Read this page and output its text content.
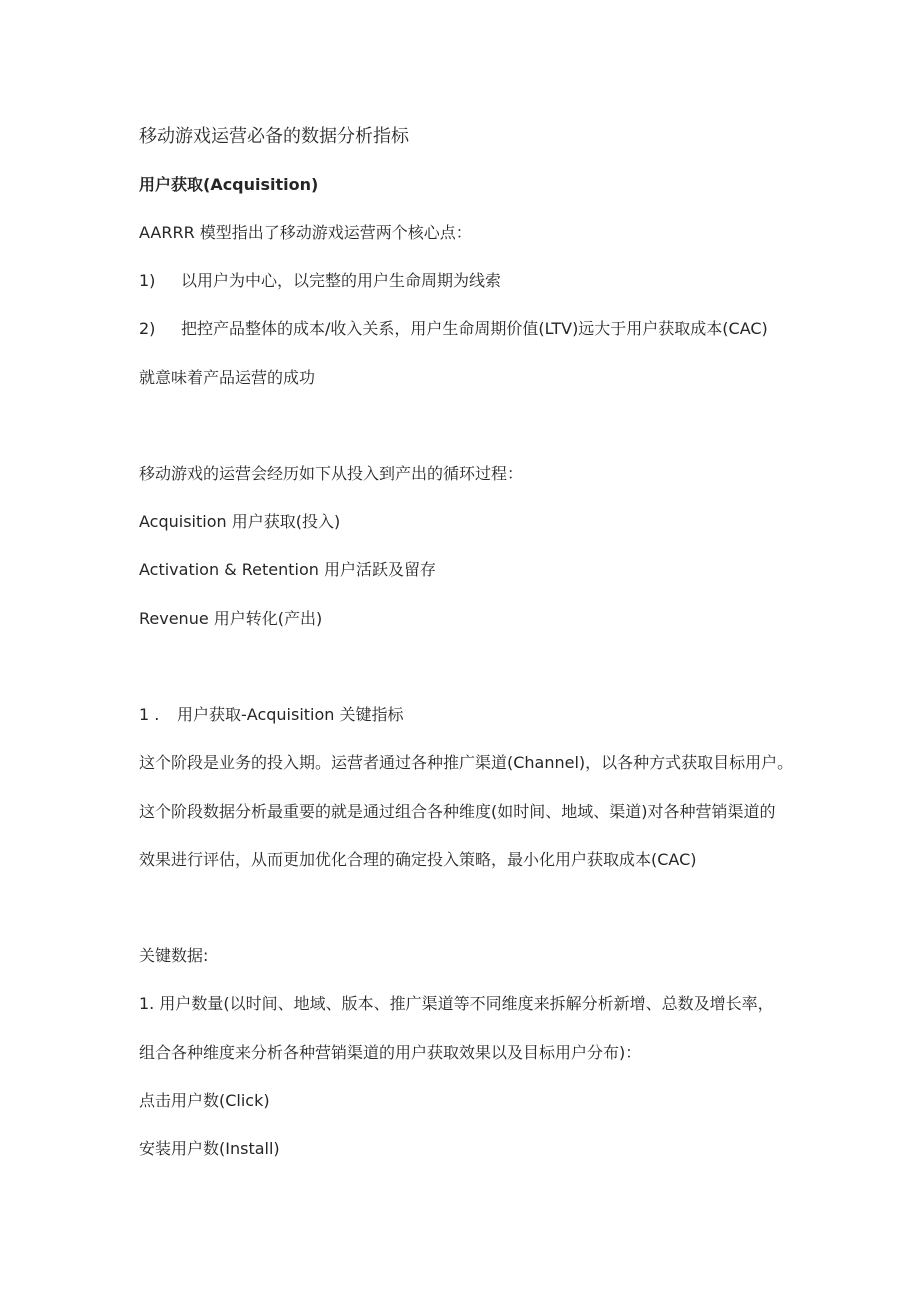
移动游戏运营必备的数据分析指标
用户获取(Acquisition)
AARRR 模型指出了移动游戏运营两个核心点：
1) 以用户为中心，以完整的用户生命周期为线索
2) 把控产品整体的成本/收入关系，用户生命周期价值(LTV)远大于用户获取成本(CAC)
就意味着产品运营的成功
移动游戏的运营会经历如下从投入到产出的循环过程：
Acquisition 用户获取(投入)
Activation & Retention 用户活跃及留存
Revenue 用户转化(产出)
1 . 用户获取-Acquisition 关键指标
这个阶段是业务的投入期。运营者通过各种推广渠道(Channel)，以各种方式获取目标用户。
这个阶段数据分析最重要的就是通过组合各种维度(如时间、地域、渠道)对各种营销渠道的
效果进行评估，从而更加优化合理的确定投入策略，最小化用户获取成本(CAC)
关键数据:
1. 用户数量(以时间、地域、版本、推广渠道等不同维度来拆解分析新增、总数及增长率，
组合各种维度来分析各种营销渠道的用户获取效果以及目标用户分布)：
点击用户数(Click)
安装用户数(Install)
